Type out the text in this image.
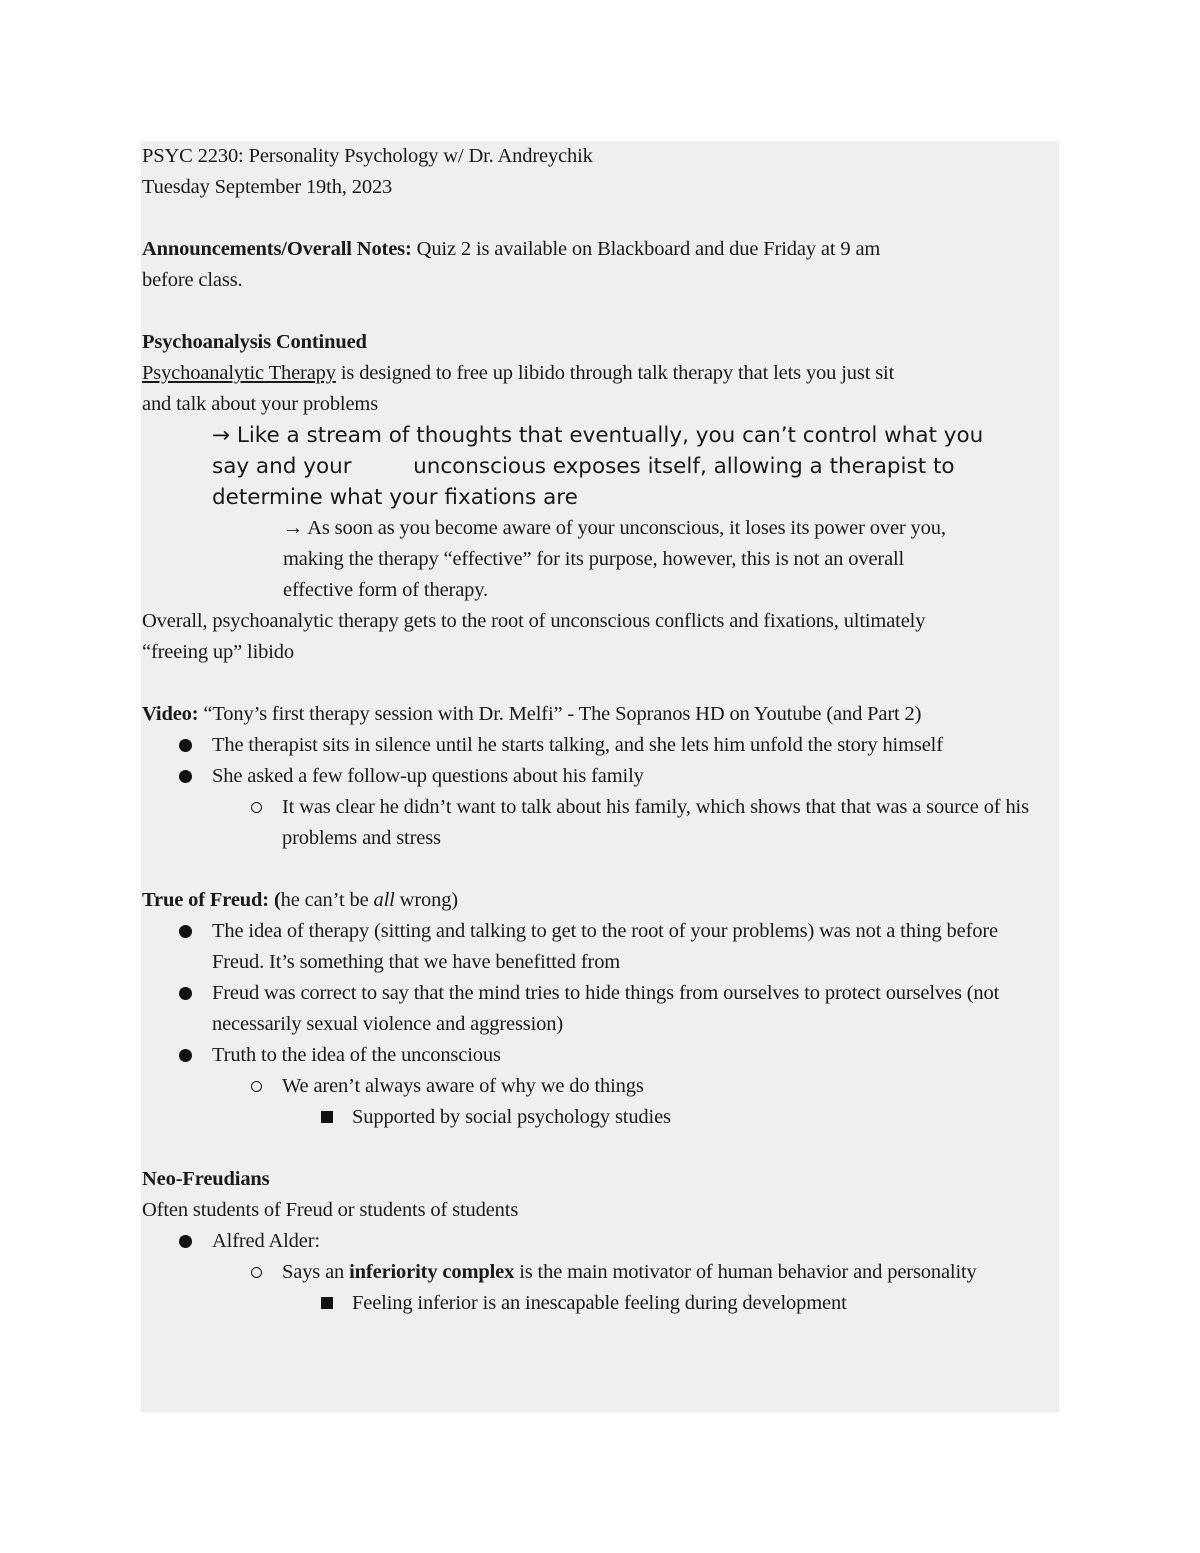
PSYC 2230: Personality Psychology w/ Dr. Andreychik
Tuesday September 19th, 2023
Announcements/Overall Notes: Quiz 2 is available on Blackboard and due Friday at 9 am
before class.
Psychoanalysis Continued
Psychoanalytic Therapy is designed to free up libido through talk therapy that lets you just sit
and talk about your problems
→ Like a stream of thoughts that eventually, you can’t control what you
say and your         unconscious exposes itself, allowing a therapist to
determine what your fixations are
→ As soon as you become aware of your unconscious, it loses its power over you,
making the therapy “effective” for its purpose, however, this is not an overall
effective form of therapy.
Overall, psychoanalytic therapy gets to the root of unconscious conflicts and fixations, ultimately
“freeing up” libido
Video: “Tony’s first therapy session with Dr. Melfi” - The Sopranos HD on Youtube (and Part 2)
The therapist sits in silence until he starts talking, and she lets him unfold the story himself
She asked a few follow-up questions about his family
It was clear he didn’t want to talk about his family, which shows that that was a source of his problems and stress
True of Freud: (he can’t be all wrong)
The idea of therapy (sitting and talking to get to the root of your problems) was not a thing before Freud. It’s something that we have benefitted from
Freud was correct to say that the mind tries to hide things from ourselves to protect ourselves (not necessarily sexual violence and aggression)
Truth to the idea of the unconscious
We aren’t always aware of why we do things
Supported by social psychology studies
Neo-Freudians
Often students of Freud or students of students
Alfred Alder:
Says an inferiority complex is the main motivator of human behavior and personality
Feeling inferior is an inescapable feeling during development
